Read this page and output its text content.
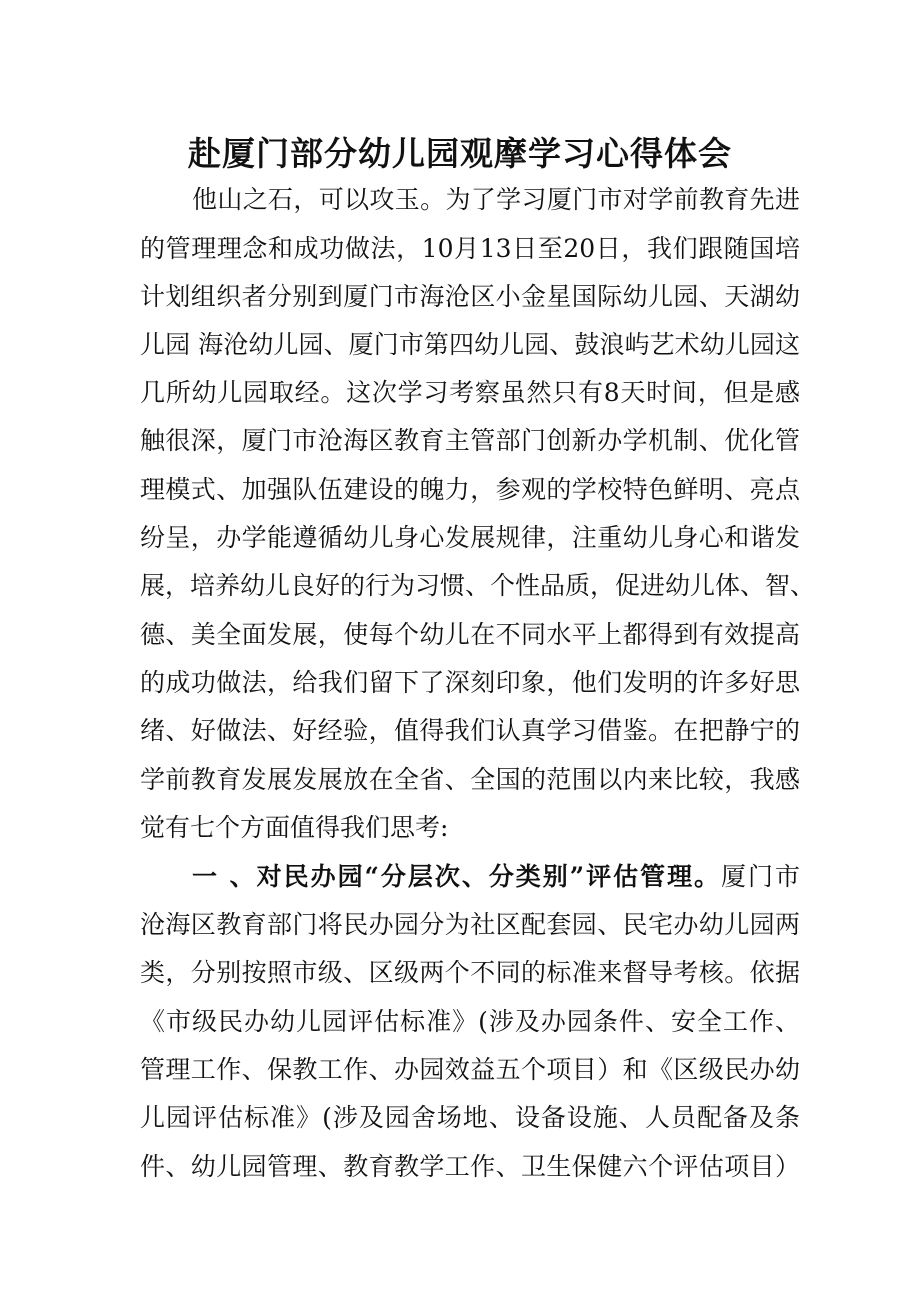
赴厦门部分幼儿园观摩学习心得体会
他山之石，可以攻玉。为了学习厦门市对学前教育先进
的管理理念和成功做法，10月13日至20日，我们跟随国培
计划组织者分别到厦门市海沧区小金星国际幼儿园、天湖幼
儿园 海沧幼儿园、厦门市第四幼儿园、鼓浪屿艺术幼儿园这
几所幼儿园取经。这次学习考察虽然只有8天时间，但是感
触很深，厦门市沧海区教育主管部门创新办学机制、优化管
理模式、加强队伍建设的魄力，参观的学校特色鲜明、亮点
纷呈，办学能遵循幼儿身心发展规律，注重幼儿身心和谐发
展，培养幼儿良好的行为习惯、个性品质，促进幼儿体、智、
德、美全面发展，使每个幼儿在不同水平上都得到有效提高
的成功做法，给我们留下了深刻印象，他们发明的许多好思
绪、好做法、好经验，值得我们认真学习借鉴。在把静宁的
学前教育发展发展放在全省、全国的范围以内来比较，我感
觉有七个方面值得我们思考:
一 、对民办园“分层次、分类别”评估管理。厦门市
沧海区教育部门将民办园分为社区配套园、民宅办幼儿园两
类，分别按照市级、区级两个不同的标准来督导考核。依据
《市级民办幼儿园评估标准》(涉及办园条件、安全工作、
管理工作、保教工作、办园效益五个项目）和《区级民办幼
儿园评估标准》(涉及园舍场地、设备设施、人员配备及条
件、幼儿园管理、教育教学工作、卫生保健六个评估项目）
